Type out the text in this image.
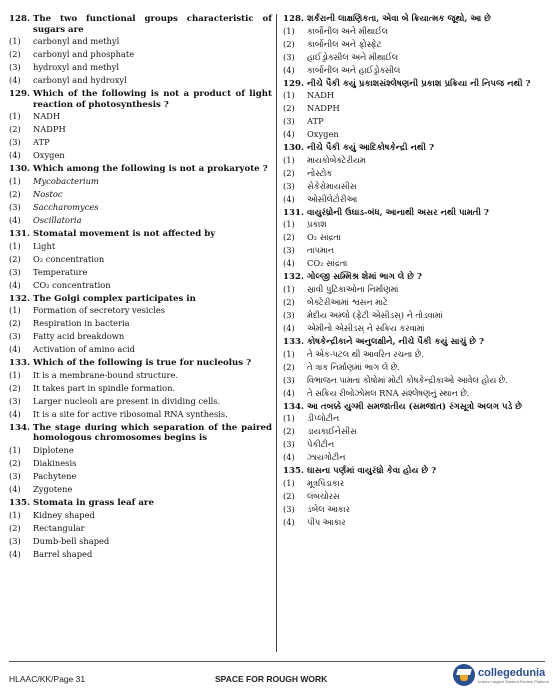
128. The two functional groups characteristic of sugars are
(1)	carbonyl and methyl
(2)	carbonyl and phosphate
(3)	hydroxyl and methyl
(4)	carbonyl and hydroxyl
129. Which of the following is not a product of light reaction of photosynthesis ?
(1)	NADH
(2)	NADPH
(3)	ATP
(4)	Oxygen
130. Which among the following is not a prokaryote ?
(1)	Mycobacterium
(2)	Nostoc
(3)	Saccharomyces
(4)	Oscillatoria
131. Stomatal movement is not affected by
(1)	Light
(2)	O₂ concentration
(3)	Temperature
(4)	CO₂ concentration
132. The Golgi complex participates in
(1)	Formation of secretory vesicles
(2)	Respiration in bacteria
(3)	Fatty acid breakdown
(4)	Activation of amino acid
133. Which of the following is true for nucleolus ?
(1)	It is a membrane-bound structure.
(2)	It takes part in spindle formation.
(3)	Larger nucleoli are present in dividing cells.
(4)	It is a site for active ribosomal RNA synthesis.
134. The stage during which separation of the paired homologous chromosomes begins is
(1)	Diplotene
(2)	Diakinesis
(3)	Pachytene
(4)	Zygotene
135. Stomata in grass leaf are
(1)	Kidney shaped
(2)	Rectangular
(3)	Dumb-bell shaped
(4)	Barrel shaped
128. શર્કરાની લાક્ષણિકતા, એવા બે ક્રિયાત્મક જૂથો, આ છે
(1)	કાર્બોનીલ અને મીથાઈલ
(2)	કાર્બોનીલ અને ફોસ્ફેટ
(3)	હાઈડ્રોક્સીલ અને મીથાઈલ
(4)	કાર્બોનીલ અને હાઈડ્રોક્સીલ
129. નીચે પૈકી કયું પ્રકાશસંશ્લેષણની પ્રકાશ પ્રક્રિયા ની નિપજ નથી ?
(1)	NADH
(2)	NADPH
(3)	ATP
(4)	Oxygen
130. નીચે પૈકી કયું આદિકોષકેન્દ્રી નથી ?
(1)	માયકોબેક્ટેરીયમ
(2)	નોસ્ટોક
(3)	સેકેરોમાયસીસ
(4)	ઓસીલેટોરીઆ
131. વાયુરંધ્રોની ઉઘાડ-બંધ, આનાથી અસર નથી પામતી ?
(1)	પ્રકાશ
(2)	O₂ સાંદ્રતા
(3)	તાપમાન
(4)	CO₂ સાંદ્રતા
132. ગોલ્જી સમ્મિશ્ર શેમાં ભાગ લે છે ?
(1)	સ્રાવી પુટિકાઓના નિર્માણમાં
(2)	બેક્ટેરીઆમાં શ્વસન માટે
(3)	મેદીય અમ્લો (ફેટી એસીડસ્) ને તોડવામાં
(4)	એમીનો એસીડસ્ ને સક્રિય કરવામાં
133. કોષકેન્દ્રીકાને અનુલક્ષીને, નીચે પૈકી કયું સાચું છે ?
(1)	તે એક-પટલ થી આવરિત રચના છે.
(2)	તે ત્રાક નિર્માણમાં ભાગ લે છે.
(3)	વિભાજન પામતા કોષોમાં મોટી કોષકેન્દ્રીકાઓ આવેલ હોય છે.
(4)	તે સક્રિય રીબોઝોમલ RNA સંશ્લેષણનું સ્થાન છે.
134. આ તબક્કે યુગ્મી સમજાતીય (સમજાત) રંગસૂત્રો અલગ પડે છે
(1)	ડીપ્લોટીન
(2)	ડાયકાઈનેસીસ
(3)	પેકીટીન
(4)	ઝાયગોટીન
135. ઘાસના પર્ણમાં વાયુરંધ્રો કેવા હોય છે ?
(1)	મૂત્રપિંડાકાર
(2)	લંબચોરસ
(3)	ડંબેલ આકાર
(4)	પીપ આકાર
HLAAC/KK/Page 31	SPACE FOR ROUGH WORK
collegedunia
India's Largest Student Review Platform
